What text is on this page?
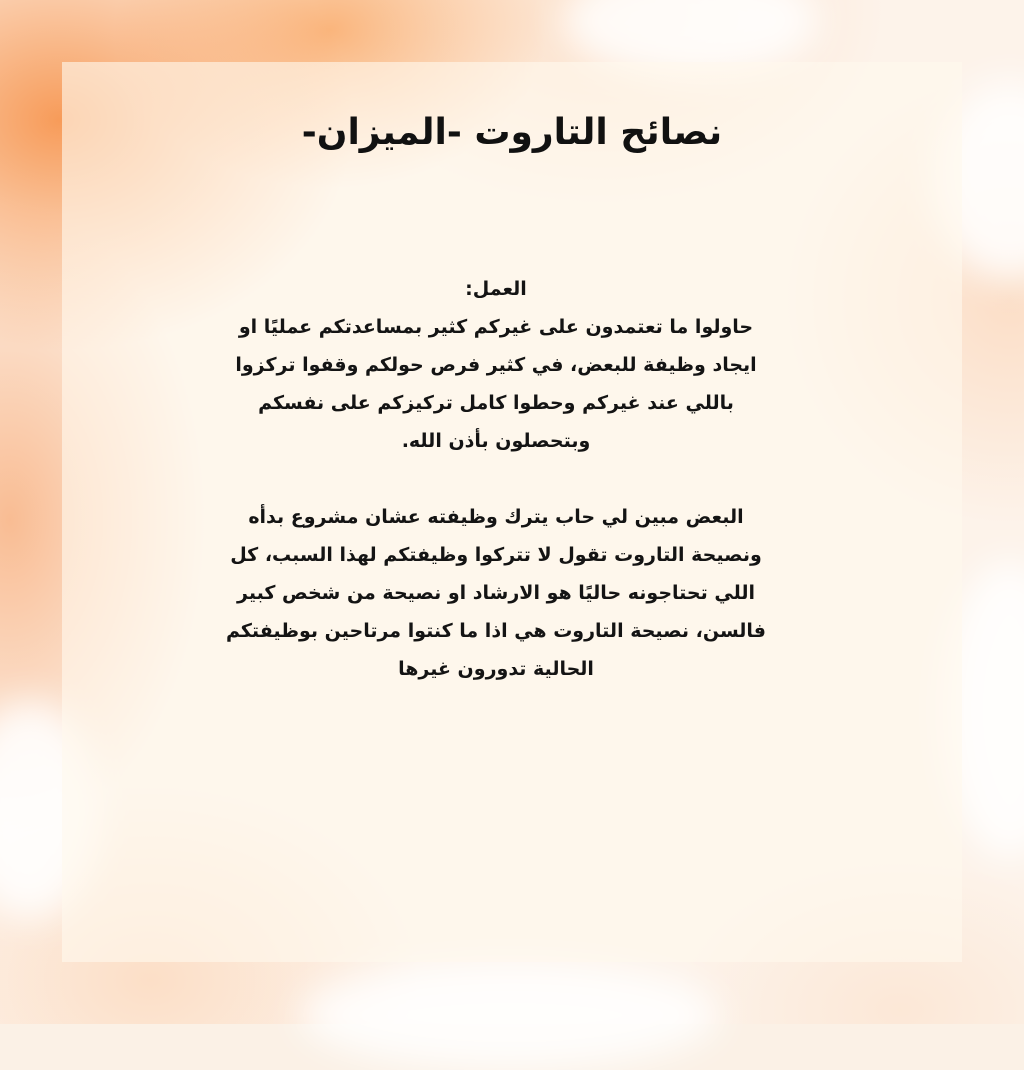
نصائح التاروت -الميزان-
العمل:

حاولوا ما تعتمدون على غيركم كثير بمساعدتكم عمليًا او ايجاد وظيفة للبعض، في كثير فرص حولكم وقفوا تركزوا باللي عند غيركم وحطوا كامل تركيزكم على نفسكم وبتحصلون بأذن الله.

البعض مبين لي حاب يترك وظيفته عشان مشروع بدأه ونصيحة التاروت تقول لا تتركوا وظيفتكم لهذا السبب، كل اللي تحتاجونه حاليًا هو الارشاد او نصيحة من شخص كبير فالسن، نصيحة التاروت هي اذا ما كنتوا مرتاحين بوظيفتكم الحالية تدورون غيرها
